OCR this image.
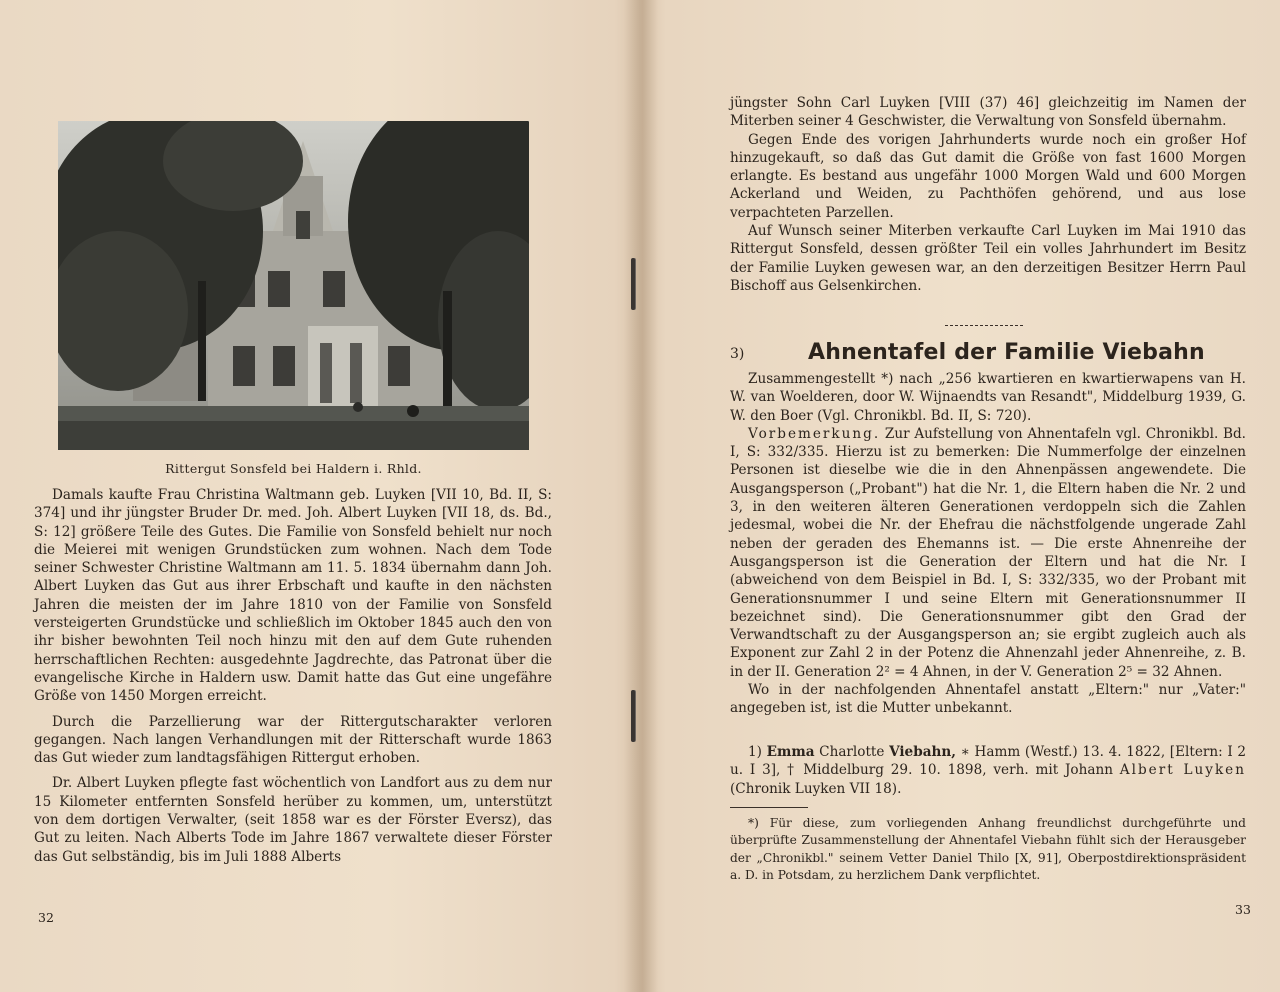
Rittergut Sonsfeld bei Haldern i. Rhld.

Damals kaufte Frau Christina Waltmann geb. Luyken [VII 10, Bd. II, S: 374] und ihr jüngster Bruder Dr. med. Joh. Albert Luyken [VII 18, ds. Bd., S: 12] größere Teile des Gutes. Die Familie von Sonsfeld behielt nur noch die Meierei mit wenigen Grundstücken zum wohnen. Nach dem Tode seiner Schwester Christine Waltmann am 11. 5. 1834 übernahm dann Joh. Albert Luyken das Gut aus ihrer Erbschaft und kaufte in den nächsten Jahren die meisten der im Jahre 1810 von der Familie von Sonsfeld versteigerten Grundstücke und schließlich im Oktober 1845 auch den von ihr bisher bewohnten Teil noch hinzu mit den auf dem Gute ruhenden herrschaftlichen Rechten: ausgedehnte Jagdrechte, das Patronat über die evangelische Kirche in Haldern usw. Damit hatte das Gut eine ungefähre Größe von 1450 Morgen erreicht.

Durch die Parzellierung war der Rittergutscharakter verloren gegangen. Nach langen Verhandlungen mit der Ritterschaft wurde 1863 das Gut wieder zum landtagsfähigen Rittergut erhoben.

Dr. Albert Luyken pflegte fast wöchentlich von Landfort aus zu dem nur 15 Kilometer entfernten Sonsfeld herüber zu kommen, um, unterstützt von dem dortigen Verwalter, (seit 1858 war es der Förster Eversz), das Gut zu leiten. Nach Alberts Tode im Jahre 1867 verwaltete dieser Förster das Gut selbständig, bis im Juli 1888 Alberts

32

jüngster Sohn Carl Luyken [VIII (37) 46] gleichzeitig im Namen der Miterben seiner 4 Geschwister, die Verwaltung von Sonsfeld übernahm.

Gegen Ende des vorigen Jahrhunderts wurde noch ein großer Hof hinzugekauft, so daß das Gut damit die Größe von fast 1600 Morgen erlangte. Es bestand aus ungefähr 1000 Morgen Wald und 600 Morgen Ackerland und Weiden, zu Pachthöfen gehörend, und aus lose verpachteten Parzellen.

Auf Wunsch seiner Miterben verkaufte Carl Luyken im Mai 1910 das Rittergut Sonsfeld, dessen größter Teil ein volles Jahrhundert im Besitz der Familie Luyken gewesen war, an den derzeitigen Besitzer Herrn Paul Bischoff aus Gelsenkirchen.

3)	Ahnentafel der Familie Viebahn

Zusammengestellt *) nach „256 kwartieren en kwartierwapens van H. W. van Woelderen, door W. Wijnaendts van Resandt", Middelburg 1939, G. W. den Boer (Vgl. Chronikbl. Bd. II, S: 720).

Vorbemerkung. Zur Aufstellung von Ahnentafeln vgl. Chronikbl. Bd. I, S: 332/335. Hierzu ist zu bemerken: Die Nummerfolge der einzelnen Personen ist dieselbe wie die in den Ahnenpässen angewendete. Die Ausgangsperson („Probant") hat die Nr. 1, die Eltern haben die Nr. 2 und 3, in den weiteren älteren Generationen verdoppeln sich die Zahlen jedesmal, wobei die Nr. der Ehefrau die nächstfolgende ungerade Zahl neben der geraden des Ehemanns ist. — Die erste Ahnenreihe der Ausgangsperson ist die Generation der Eltern und hat die Nr. I (abweichend von dem Beispiel in Bd. I, S: 332/335, wo der Probant mit Generationsnummer I und seine Eltern mit Generationsnummer II bezeichnet sind). Die Generationsnummer gibt den Grad der Verwandtschaft zu der Ausgangsperson an; sie ergibt zugleich auch als Exponent zur Zahl 2 in der Potenz die Ahnenzahl jeder Ahnenreihe, z. B. in der II. Generation 2² = 4 Ahnen, in der V. Generation 2⁵ = 32 Ahnen.

Wo in der nachfolgenden Ahnentafel anstatt „Eltern:" nur „Vater:" angegeben ist, ist die Mutter unbekannt.

1) Emma Charlotte Viebahn, ∗ Hamm (Westf.) 13. 4. 1822, [Eltern: I 2 u. I 3], † Middelburg 29. 10. 1898, verh. mit Johann Albert Luyken (Chronik Luyken VII 18).

*) Für diese, zum vorliegenden Anhang freundlichst durchgeführte und überprüfte Zusammenstellung der Ahnentafel Viebahn fühlt sich der Herausgeber der „Chronikbl." seinem Vetter Daniel Thilo [X, 91], Oberpostdirektionspräsident a. D. in Potsdam, zu herzlichem Dank verpflichtet.

33
